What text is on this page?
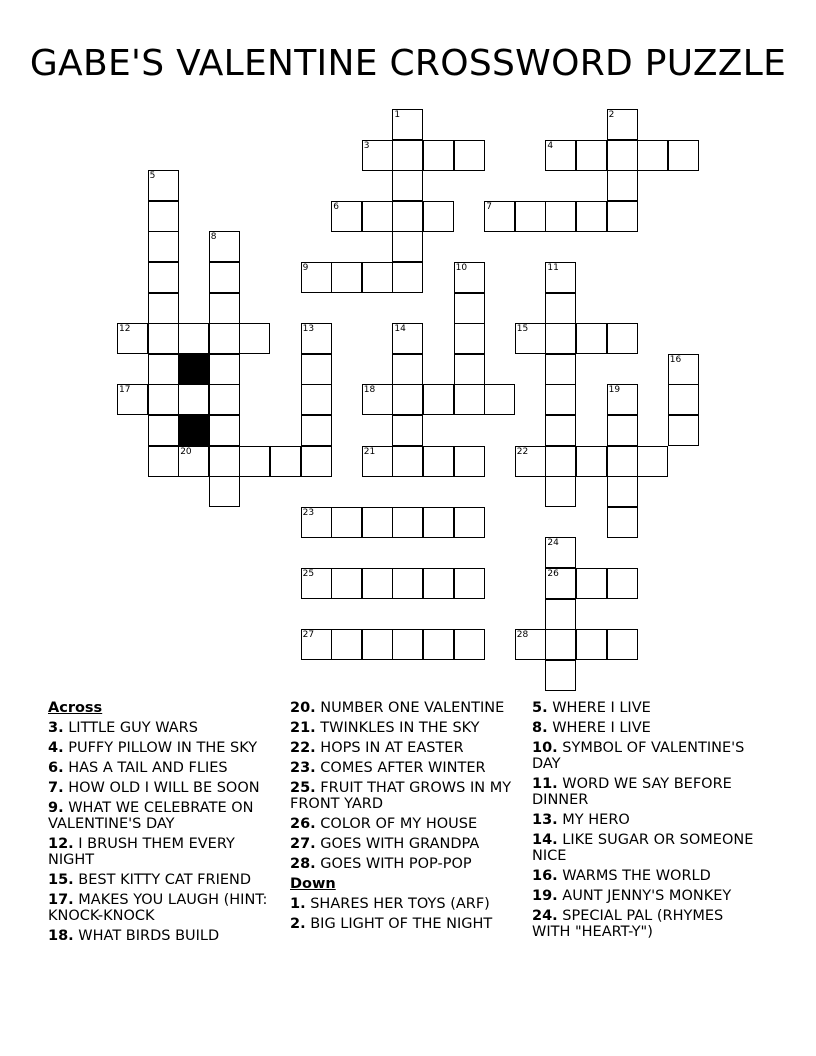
GABE'S VALENTINE CROSSWORD PUZZLE
1	2
3	4
5
6	7
8
9	10	11
12	13	14	15
16
17	18	19
20	21	22
23
24
26
25
27	28
Across
3. LITTLE GUY WARS
4. PUFFY PILLOW IN THE SKY
6. HAS A TAIL AND FLIES
7. HOW OLD I WILL BE SOON
9. WHAT WE CELEBRATE ON VALENTINE'S DAY
12. I BRUSH THEM EVERY NIGHT
15. BEST KITTY CAT FRIEND
17. MAKES YOU LAUGH (HINT: KNOCK-KNOCK
18. WHAT BIRDS BUILD
20. NUMBER ONE VALENTINE
21. TWINKLES IN THE SKY
22. HOPS IN AT EASTER
23. COMES AFTER WINTER
25. FRUIT THAT GROWS IN MY FRONT YARD
26. COLOR OF MY HOUSE
27. GOES WITH GRANDPA
28. GOES WITH POP-POP
Down
1. SHARES HER TOYS (ARF)
2. BIG LIGHT OF THE NIGHT
5. WHERE I LIVE
8. WHERE I LIVE
10. SYMBOL OF VALENTINE'S DAY
11. WORD WE SAY BEFORE DINNER
13. MY HERO
14. LIKE SUGAR OR SOMEONE NICE
16. WARMS THE WORLD
19. AUNT JENNY'S MONKEY
24. SPECIAL PAL (RHYMES WITH "HEART-Y")
